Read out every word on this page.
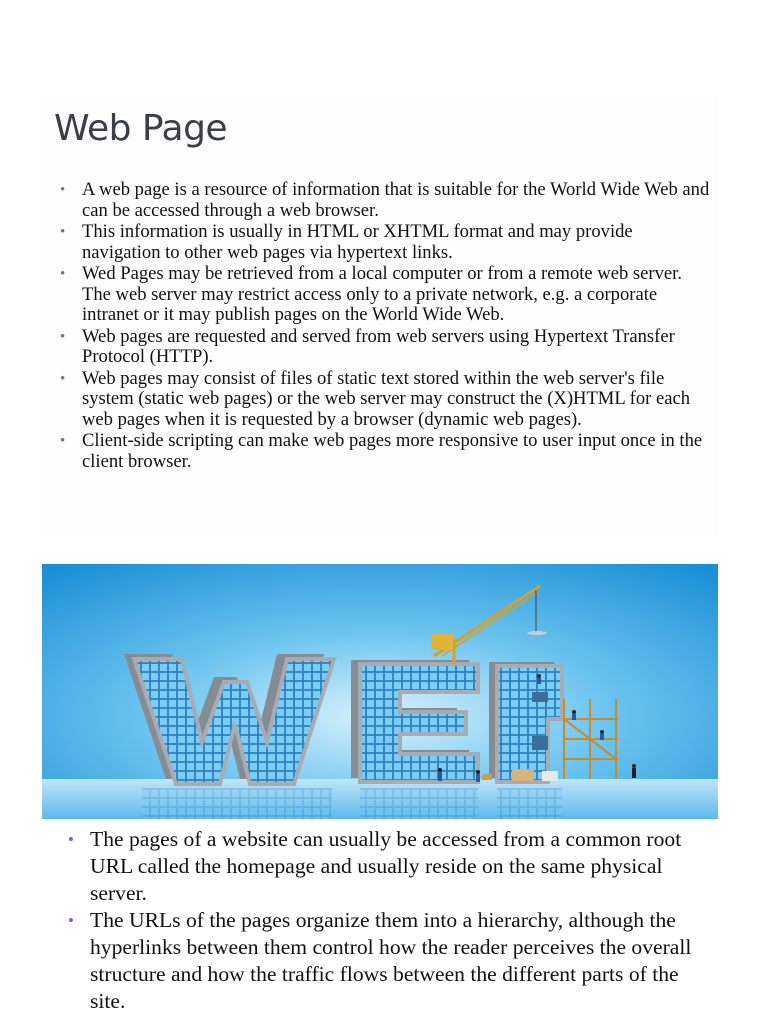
Web Page
• A web page is a resource of information that is suitable for the World Wide Web and can be accessed through a web browser.
• This information is usually in HTML or XHTML format and may provide navigation to other web pages via hypertext links.
• Wed Pages may be retrieved from a local computer or from a remote web server. The web server may restrict access only to a private network, e.g. a corporate intranet or it may publish pages on the World Wide Web.
• Web pages are requested and served from web servers using Hypertext Transfer Protocol (HTTP).
• Web pages may consist of files of static text stored within the web server's file system (static web pages) or the web server may construct the (X)HTML for each web pages when it is requested by a browser (dynamic web pages).
• Client-side scripting can make web pages more responsive to user input once in the client browser.
• The pages of a website can usually be accessed from a common root URL called the homepage and usually reside on the same physical server.
• The URLs of the pages organize them into a hierarchy, although the hyperlinks between them control how the reader perceives the overall structure and how the traffic flows between the different parts of the site.
